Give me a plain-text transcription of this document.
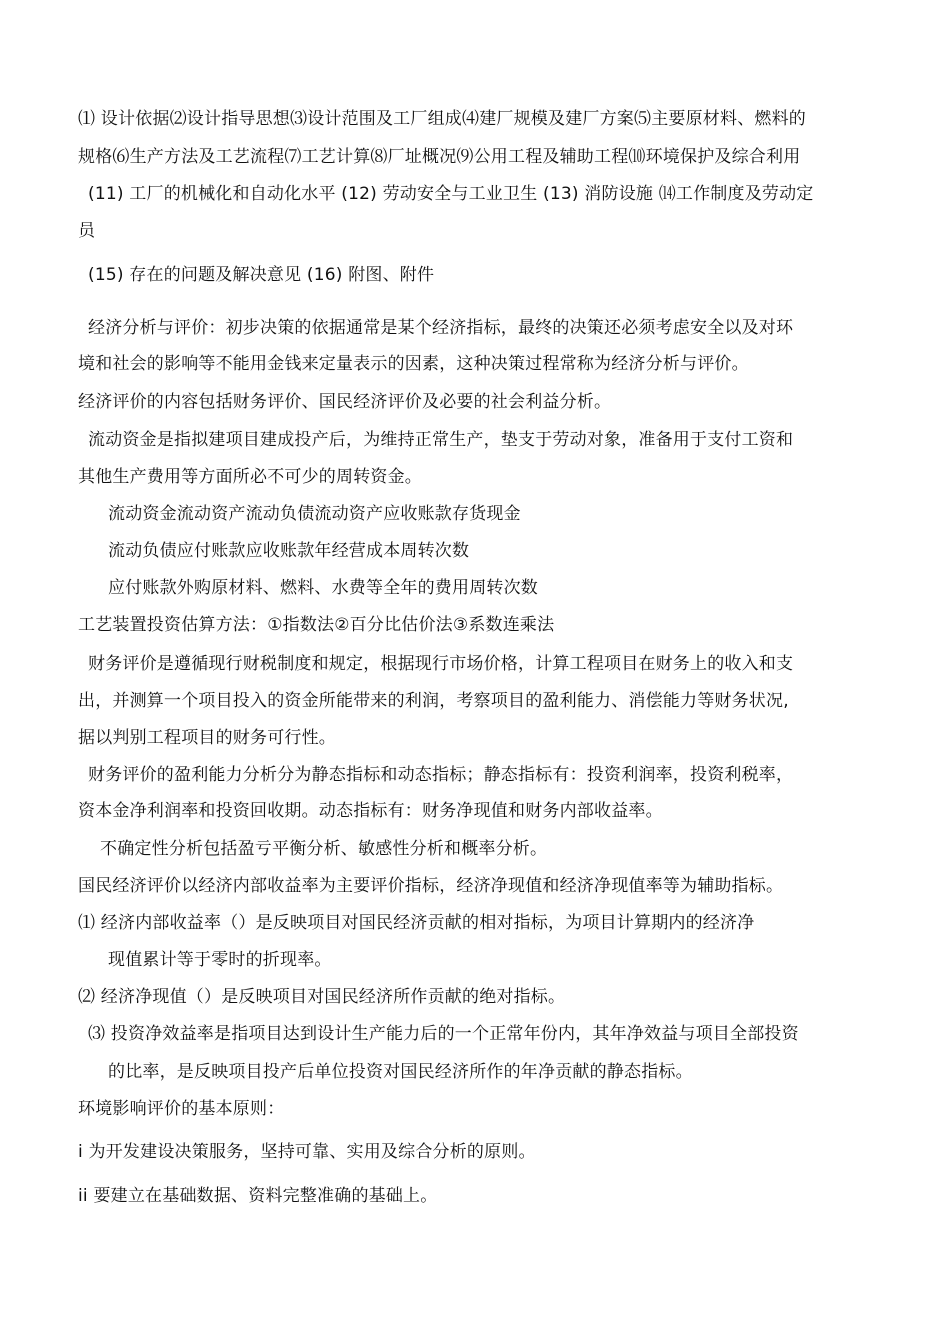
⑴ 设计依据⑵设计指导思想⑶设计范围及工厂组成⑷建厂规模及建厂方案⑸主要原材料、燃料的
规格⑹生产方法及工艺流程⑺工艺计算⑻厂址概况⑼公用工程及辅助工程⑽环境保护及综合利用
(11) 工厂的机械化和自动化水平 (12) 劳动安全与工业卫生 (13) 消防设施 ⒁工作制度及劳动定
员
(15) 存在的问题及解决意见 (16) 附图、附件
经济分析与评价：初步决策的依据通常是某个经济指标，最终的决策还必须考虑安全以及对环
境和社会的影响等不能用金钱来定量表示的因素，这种决策过程常称为经济分析与评价。
经济评价的内容包括财务评价、国民经济评价及必要的社会利益分析。
流动资金是指拟建项目建成投产后，为维持正常生产，垫支于劳动对象，准备用于支付工资和
其他生产费用等方面所必不可少的周转资金。
流动资金流动资产流动负债流动资产应收账款存货现金
流动负债应付账款应收账款年经营成本周转次数
应付账款外购原材料、燃料、水费等全年的费用周转次数
工艺装置投资估算方法：①指数法②百分比估价法③系数连乘法
财务评价是遵循现行财税制度和规定，根据现行市场价格，计算工程项目在财务上的收入和支
出，并测算一个项目投入的资金所能带来的利润，考察项目的盈利能力、消偿能力等财务状况,
据以判别工程项目的财务可行性。
财务评价的盈利能力分析分为静态指标和动态指标；静态指标有：投资利润率，投资利税率，
资本金净利润率和投资回收期。动态指标有：财务净现值和财务内部收益率。
不确定性分析包括盈亏平衡分析、敏感性分析和概率分析。
国民经济评价以经济内部收益率为主要评价指标，经济净现值和经济净现值率等为辅助指标。
⑴ 经济内部收益率（）是反映项目对国民经济贡献的相对指标，为项目计算期内的经济净
现值累计等于零时的折现率。
⑵ 经济净现值（）是反映项目对国民经济所作贡献的绝对指标。
⑶ 投资净效益率是指项目达到设计生产能力后的一个正常年份内，其年净效益与项目全部投资
的比率，是反映项目投产后单位投资对国民经济所作的年净贡献的静态指标。
环境影响评价的基本原则：
i 为开发建设决策服务，坚持可靠、实用及综合分析的原则。
ii 要建立在基础数据、资料完整准确的基础上。
